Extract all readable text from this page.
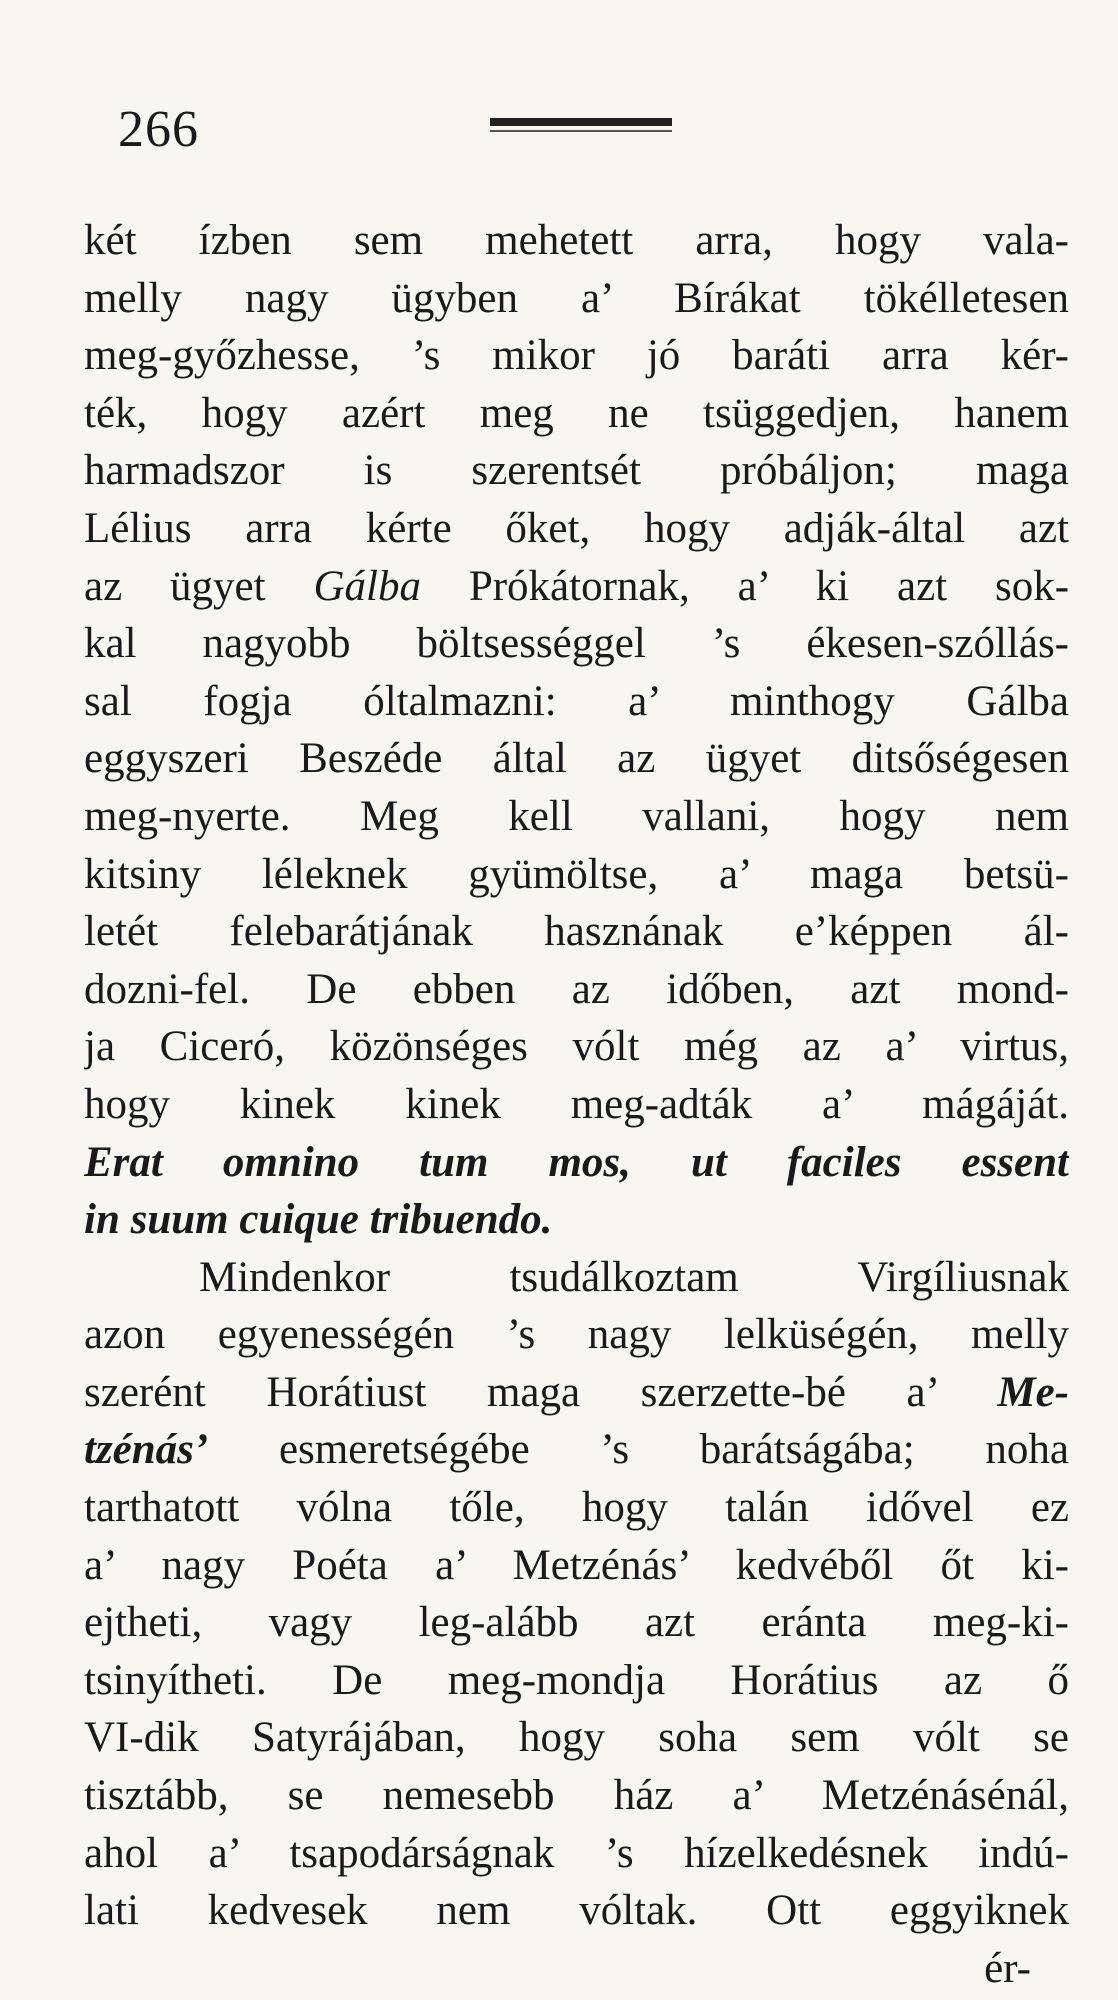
266
két ízben sem mehetett arra, hogy vala-
melly nagy ügyben a’ Bírákat tökélletesen
meg-győzhesse, ’s mikor jó baráti arra kér-
ték, hogy azért meg ne tsüggedjen, hanem
harmadszor is szerentsét próbáljon; maga
Lélius arra kérte őket, hogy adják-által azt
az ügyet Gálba Prókátornak, a’ ki azt sok-
kal nagyobb böltsességgel ’s ékesen-szóllás-
sal fogja óltalmazni: a’ minthogy Gálba
eggyszeri Beszéde által az ügyet ditsőségesen
meg-nyerte. Meg kell vallani, hogy nem
kitsiny léleknek gyümöltse, a’ maga betsü-
letét felebarátjának hasznának e’képpen ál-
dozni-fel. De ebben az időben, azt mond-
ja Ciceró, közönséges vólt még az a’ virtus,
hogy kinek kinek meg-adták a’ mágáját.
Erat omnino tum mos, ut faciles essent
in suum cuique tribuendo.
Mindenkor tsudálkoztam Virgíliusnak
azon egyenességén ’s nagy lelküségén, melly
szerént Horátiust maga szerzette-bé a’ Me-
tzénás’ esmeretségébe ’s barátságába; noha
tarthatott vólna tőle, hogy talán idővel ez
a’ nagy Poéta a’ Metzénás’ kedvéből őt ki-
ejtheti, vagy leg-alább azt eránta meg-ki-
tsinyítheti. De meg-mondja Horátius az ő
VI-dik Satyrájában, hogy soha sem vólt se
tisztább, se nemesebb ház a’ Metzénásénál,
ahol a’ tsapodárságnak ’s hízelkedésnek indú-
lati kedvesek nem vóltak. Ott eggyiknek
ér-
